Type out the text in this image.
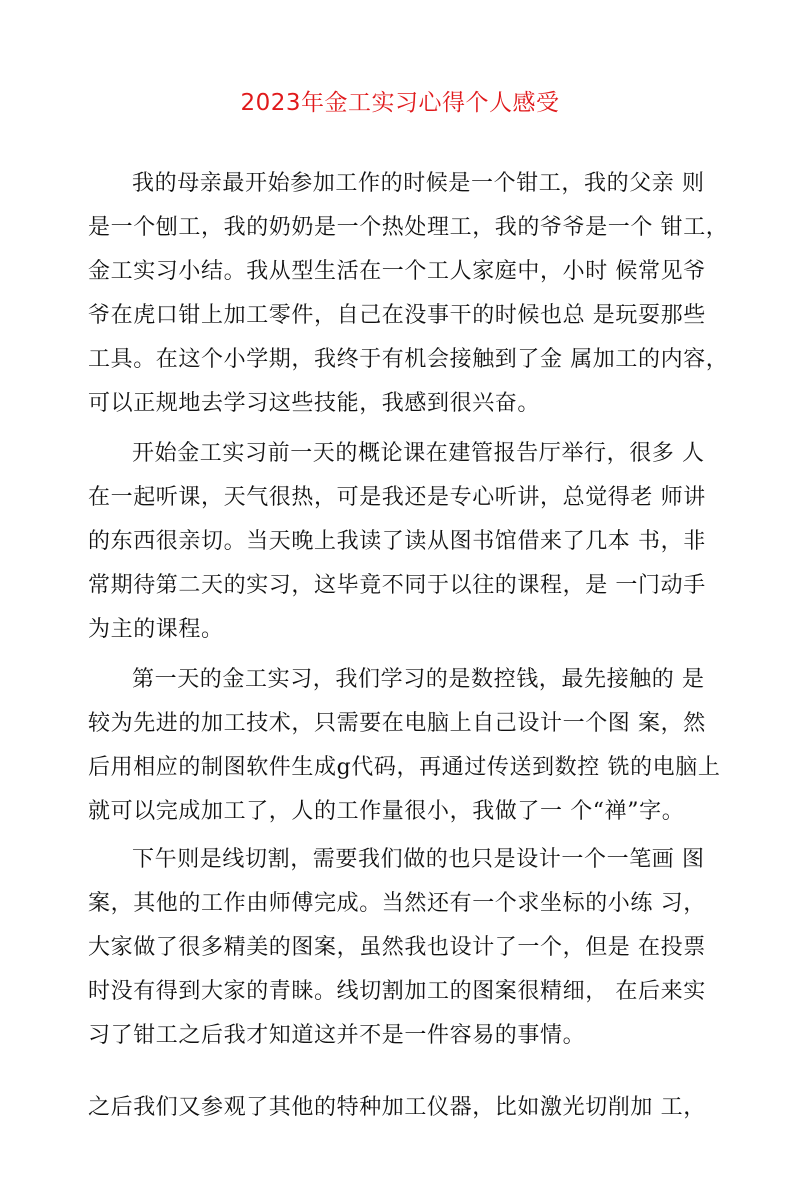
2023年金工实习心得个人感受
我的母亲最开始参加工作的时候是一个钳工，我的父亲 则
是一个刨工，我的奶奶是一个热处理工，我的爷爷是一个 钳工，
金工实习小结。我从型生活在一个工人家庭中，小时 候常见爷
爷在虎口钳上加工零件，自己在没事干的时候也总 是玩耍那些
工具。在这个小学期，我终于有机会接触到了金 属加工的内容，
可以正规地去学习这些技能，我感到很兴奋。
开始金工实习前一天的概论课在建管报告厅举行，很多 人
在一起听课，天气很热，可是我还是专心听讲，总觉得老 师讲
的东西很亲切。当天晚上我读了读从图书馆借来了几本 书，非
常期待第二天的实习，这毕竟不同于以往的课程，是 一门动手
为主的课程。
第一天的金工实习，我们学习的是数控钱，最先接触的 是
较为先进的加工技术，只需要在电脑上自己设计一个图 案，然
后用相应的制图软件生成g代码，再通过传送到数控 铣的电脑上
就可以完成加工了，人的工作量很小，我做了一 个“禅”字。
下午则是线切割，需要我们做的也只是设计一个一笔画 图
案，其他的工作由师傅完成。当然还有一个求坐标的小练 习，
大家做了很多精美的图案，虽然我也设计了一个，但是 在投票
时没有得到大家的青睐。线切割加工的图案很精细， 在后来实
习了钳工之后我才知道这并不是一件容易的事情。
之后我们又参观了其他的特种加工仪器，比如激光切削加 工，
